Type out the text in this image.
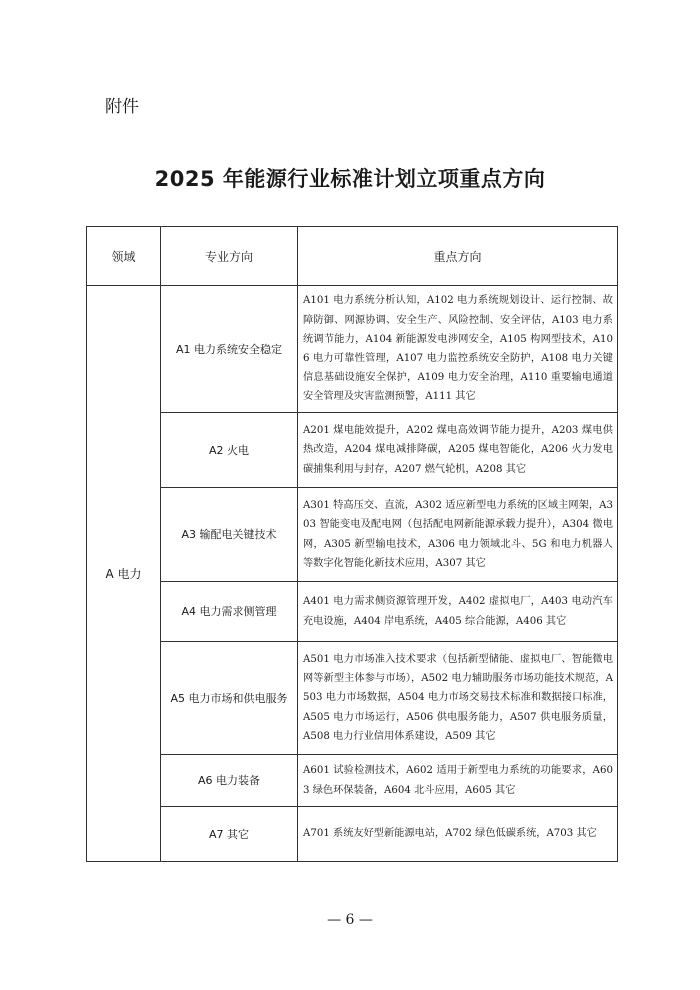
附件
2025 年能源行业标准计划立项重点方向
领域	专业方向	重点方向
A 电力	A1 电力系统安全稳定	A101 电力系统分析认知，A102 电力系统规划设计、运行控制、故障防御、网源协调、安全生产、风险控制、安全评估，A103 电力系统调节能力，A104 新能源发电涉网安全，A105 构网型技术，A106 电力可靠性管理，A107 电力监控系统安全防护，A108 电力关键信息基础设施安全保护，A109 电力安全治理，A110 重要输电通道安全管理及灾害监测预警，A111 其它
	A2 火电	A201 煤电能效提升，A202 煤电高效调节能力提升，A203 煤电供热改造，A204 煤电减排降碳，A205 煤电智能化，A206 火力发电碳捕集利用与封存，A207 燃气轮机，A208 其它
	A3 输配电关键技术	A301 特高压交、直流，A302 适应新型电力系统的区域主网架，A303 智能变电及配电网（包括配电网新能源承载力提升），A304 微电网，A305 新型输电技术，A306 电力领域北斗、5G 和电力机器人等数字化智能化新技术应用，A307 其它
	A4 电力需求侧管理	A401 电力需求侧资源管理开发，A402 虚拟电厂，A403 电动汽车充电设施，A404 岸电系统，A405 综合能源，A406 其它
	A5 电力市场和供电服务	A501 电力市场准入技术要求（包括新型储能、虚拟电厂、智能微电网等新型主体参与市场），A502 电力辅助服务市场功能技术规范，A503 电力市场数据，A504 电力市场交易技术标准和数据接口标准，A505 电力市场运行，A506 供电服务能力，A507 供电服务质量，A508 电力行业信用体系建设，A509 其它
	A6 电力装备	A601 试验检测技术，A602 适用于新型电力系统的功能要求，A603 绿色环保装备，A604 北斗应用，A605 其它
	A7 其它	A701 系统友好型新能源电站，A702 绿色低碳系统，A703 其它
— 6 —
